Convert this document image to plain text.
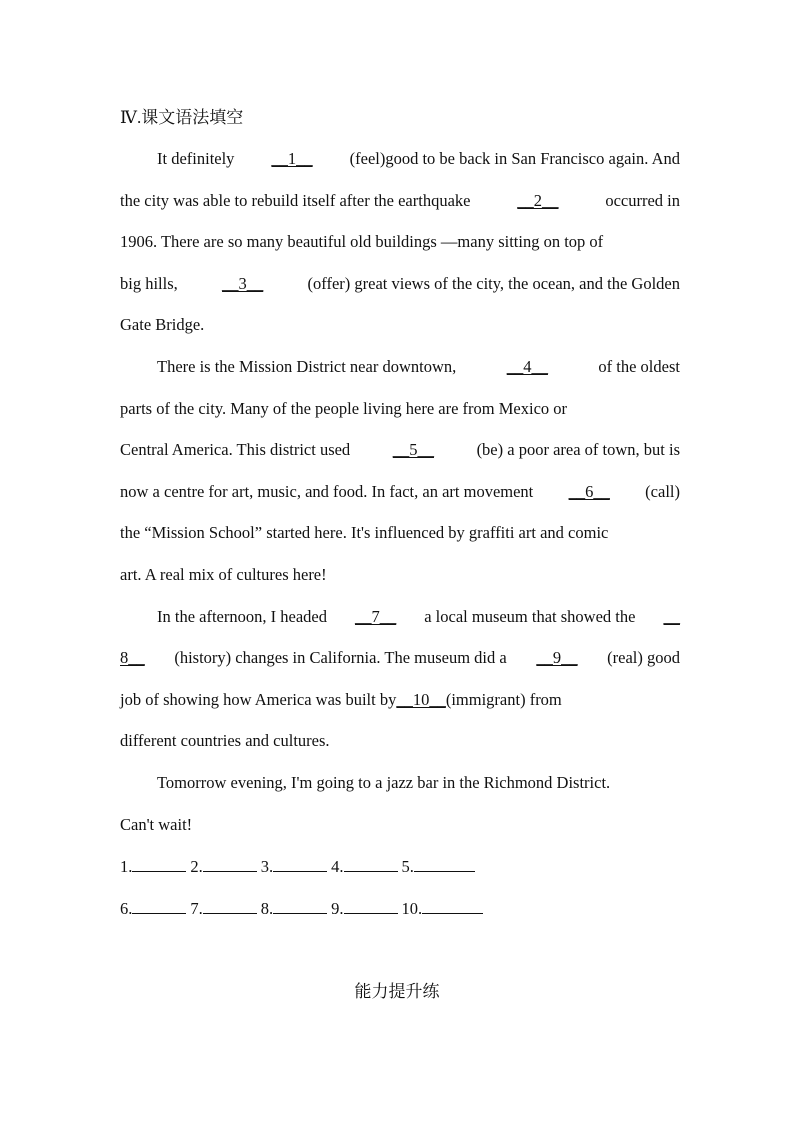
Ⅳ.课文语法填空
It definitely __1__ (feel)good to be back in San Francisco again. And
the city was able to rebuild itself after the earthquake	__2__	occurred in
1906. There are so many beautiful old buildings —many sitting on top of
big hills,	__3__	(offer) great views of the city, the ocean, and the Golden
Gate Bridge.
There is the Mission District near downtown,	__4__	of the oldest
parts of the city. Many of the people living here are from Mexico or
Central America. This district used	__5__	(be) a poor area of town, but is
now a centre for art, music, and food. In fact, an art movement __6__ (call)
the “Mission School” started here. It's influenced by graffiti art and comic
art. A real mix of cultures here!
In the afternoon, I headed __7__ a local museum that showed the __
8__ (history) changes in California. The museum did a __9__ (real) good
job of showing how America was built by __10__ (immigrant) from
different countries and cultures.
Tomorrow evening, I'm going to a jazz bar in the Richmond District.
Can't wait!
1.	2.	3.	4.	5.
6.	7.	8.	9.	10.
能力提升练
